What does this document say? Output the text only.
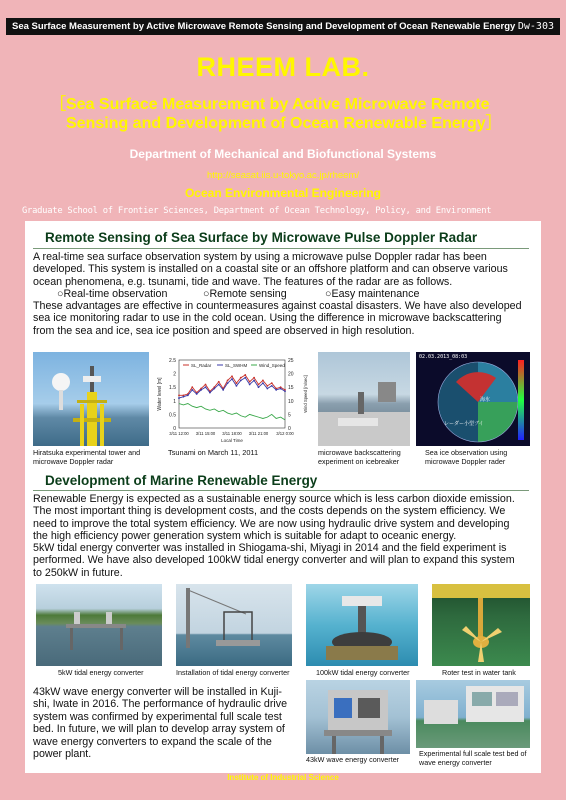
Sea Surface Measurement by Active Microwave Remote Sensing and Development of Ocean Renewable Energy Dw-303
RHEEM LAB.
［Sea Surface Measurement by Active Microwave Remote
Sensing and Development of Ocean Renewable Energy］
Department of Mechanical and Biofunctional Systems
http://seasat.iis.u-tokyo.ac.jp/rheem/
Ocean Environmental Engineering
Graduate School of Frontier Sciences, Department of Ocean Technology, Policy, and Environment
Remote Sensing of Sea Surface by Microwave Pulse Doppler Radar
A real-time sea surface observation system by using a microwave pulse Doppler radar has been
developed. This system is installed on a coastal site or an offshore platform and can observe various
ocean phenomena, e.g. tsunami, tide and wave. The features of the radar are as follows.
○Real-time observation	○Remote sensing	○Easy maintenance
These advantages are effective in countermeasures against coastal disasters. We have also developed
sea ice monitoring radar to use in the cold ocean. Using the difference in microwave backscattering
from the sea and ice, sea ice position and speed are observed in high resolution.
Hiratsuka experimental tower and
microwave Doppler radar
0
0.5
1
1.5
2
2.5
0
5
10
15
20
25
3/11 12:00 3/11 15:00 3/11 18:00 3/11 21:00 3/12 0:00
Local Time
Water level [m]	Wind Speed [m/sec]
SL_Radar	SL_SWHM	Wind_Speed
Tsunami on March 11, 2011	microwave backscattering
experiment on icebreaker
02.03.2013_08:03
海氷
レーダー小型ブイ
Sea ice observation using
microwave Doppler rader
Development of Marine Renewable Energy
Renewable Energy is expected as a sustainable energy source which is less carbon dioxide emission.
The most important thing is development costs, and the costs depends on the system efficiency. We
need to improve the total system efficiency. We are now using hydraulic drive system and developing
the high efficiency power generation system which is suitable for adapt to oceanic energy.
5kW tidal energy converter was installed in Shiogama-shi, Miyagi in 2014 and the field experiment is
performed. We have also developed 100kW tidal energy converter and will plan to expand this system
to 250kW in future.
5kW tidal energy converter	Installation of tidal energy converter	100kW tidal energy converter	Roter test in water tank
43kW wave energy converter will be installed in Kuji-
shi, Iwate in 2016. The performance of hydraulic drive
system was confirmed by experimental full scale test
bed. In future, we will plan to develop array system of
wave energy converters to expand the scale of the
power plant.	43kW wave energy converter
Experimental full scale test bed of
wave energy converter
Institute of Industrial Science
